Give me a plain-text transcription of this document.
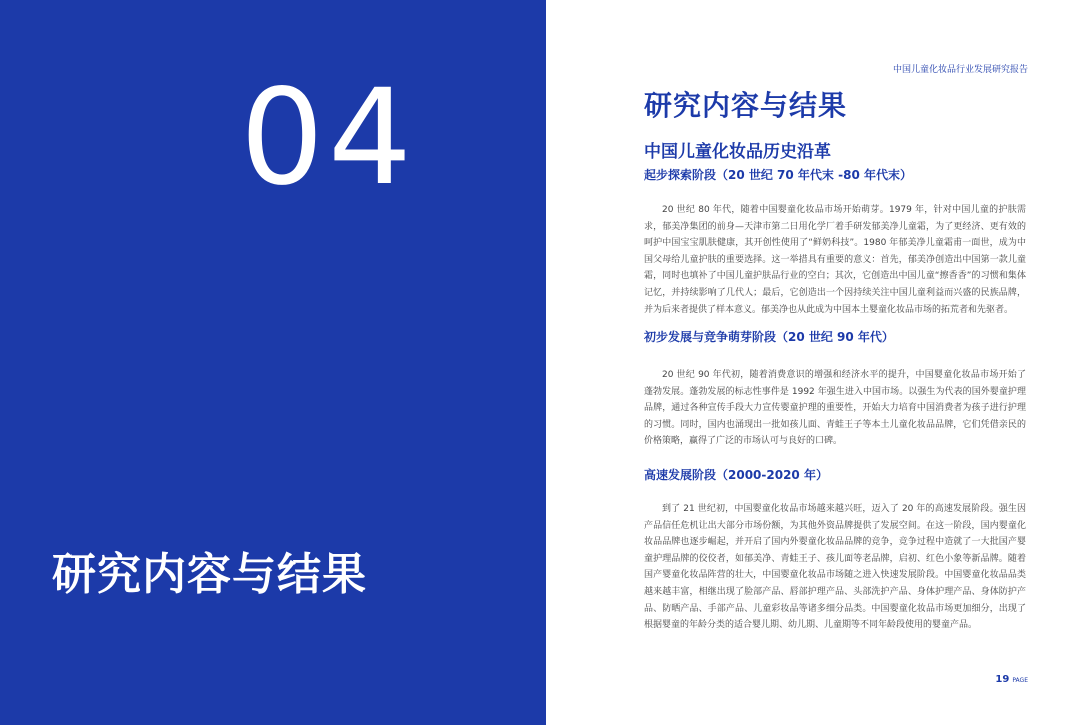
04
研究内容与结果
中国儿童化妆品行业发展研究报告
研究内容与结果
中国儿童化妆品历史沿革
起步探索阶段（20 世纪 70 年代末 -80 年代末）

20 世纪 80 年代，随着中国婴童化妆品市场开始萌芽。1979 年，针对中国儿童的护肤需求，郁美净集团的前身—天津市第二日用化学厂着手研发郁美净儿童霜，为了更经济、更有效的呵护中国宝宝肌肤健康，其开创性使用了“鲜奶科技”。1980 年郁美净儿童霜甫一面世，成为中国父母给儿童护肤的重要选择。这一举措具有重要的意义：首先，郁美净创造出中国第一款儿童霜，同时也填补了中国儿童护肤品行业的空白；其次，它创造出中国儿童“擦香香”的习惯和集体记忆，并持续影响了几代人；最后，它创造出一个因持续关注中国儿童利益而兴盛的民族品牌，并为后来者提供了样本意义。郁美净也从此成为中国本土婴童化妆品市场的拓荒者和先驱者。

初步发展与竞争萌芽阶段（20 世纪 90 年代）

20 世纪 90 年代初，随着消费意识的增强和经济水平的提升，中国婴童化妆品市场开始了蓬勃发展。蓬勃发展的标志性事件是 1992 年强生进入中国市场。以强生为代表的国外婴童护理品牌，通过各种宣传手段大力宣传婴童护理的重要性，开始大力培育中国消费者为孩子进行护理的习惯。同时，国内也涌现出一批如孩儿面、青蛙王子等本土儿童化妆品品牌，它们凭借亲民的价格策略，赢得了广泛的市场认可与良好的口碑。

高速发展阶段（2000-2020 年）

到了 21 世纪初，中国婴童化妆品市场越来越兴旺，迈入了 20 年的高速发展阶段。强生因产品信任危机让出大部分市场份额，为其他外资品牌提供了发展空间。在这一阶段，国内婴童化妆品品牌也逐步崛起，并开启了国内外婴童化妆品品牌的竞争，竞争过程中造就了一大批国产婴童护理品牌的佼佼者，如郁美净、青蛙王子、孩儿面等老品牌，启初、红色小象等新品牌。随着国产婴童化妆品阵营的壮大，中国婴童化妆品市场随之进入快速发展阶段。中国婴童化妆品品类越来越丰富，相继出现了脸部产品、唇部护理产品、头部洗护产品、身体护理产品、身体防护产品、防晒产品、手部产品、儿童彩妆品等诸多细分品类。中国婴童化妆品市场更加细分，出现了根据婴童的年龄分类的适合婴儿期、幼儿期、儿童期等不同年龄段使用的婴童产品。

19 PAGE
